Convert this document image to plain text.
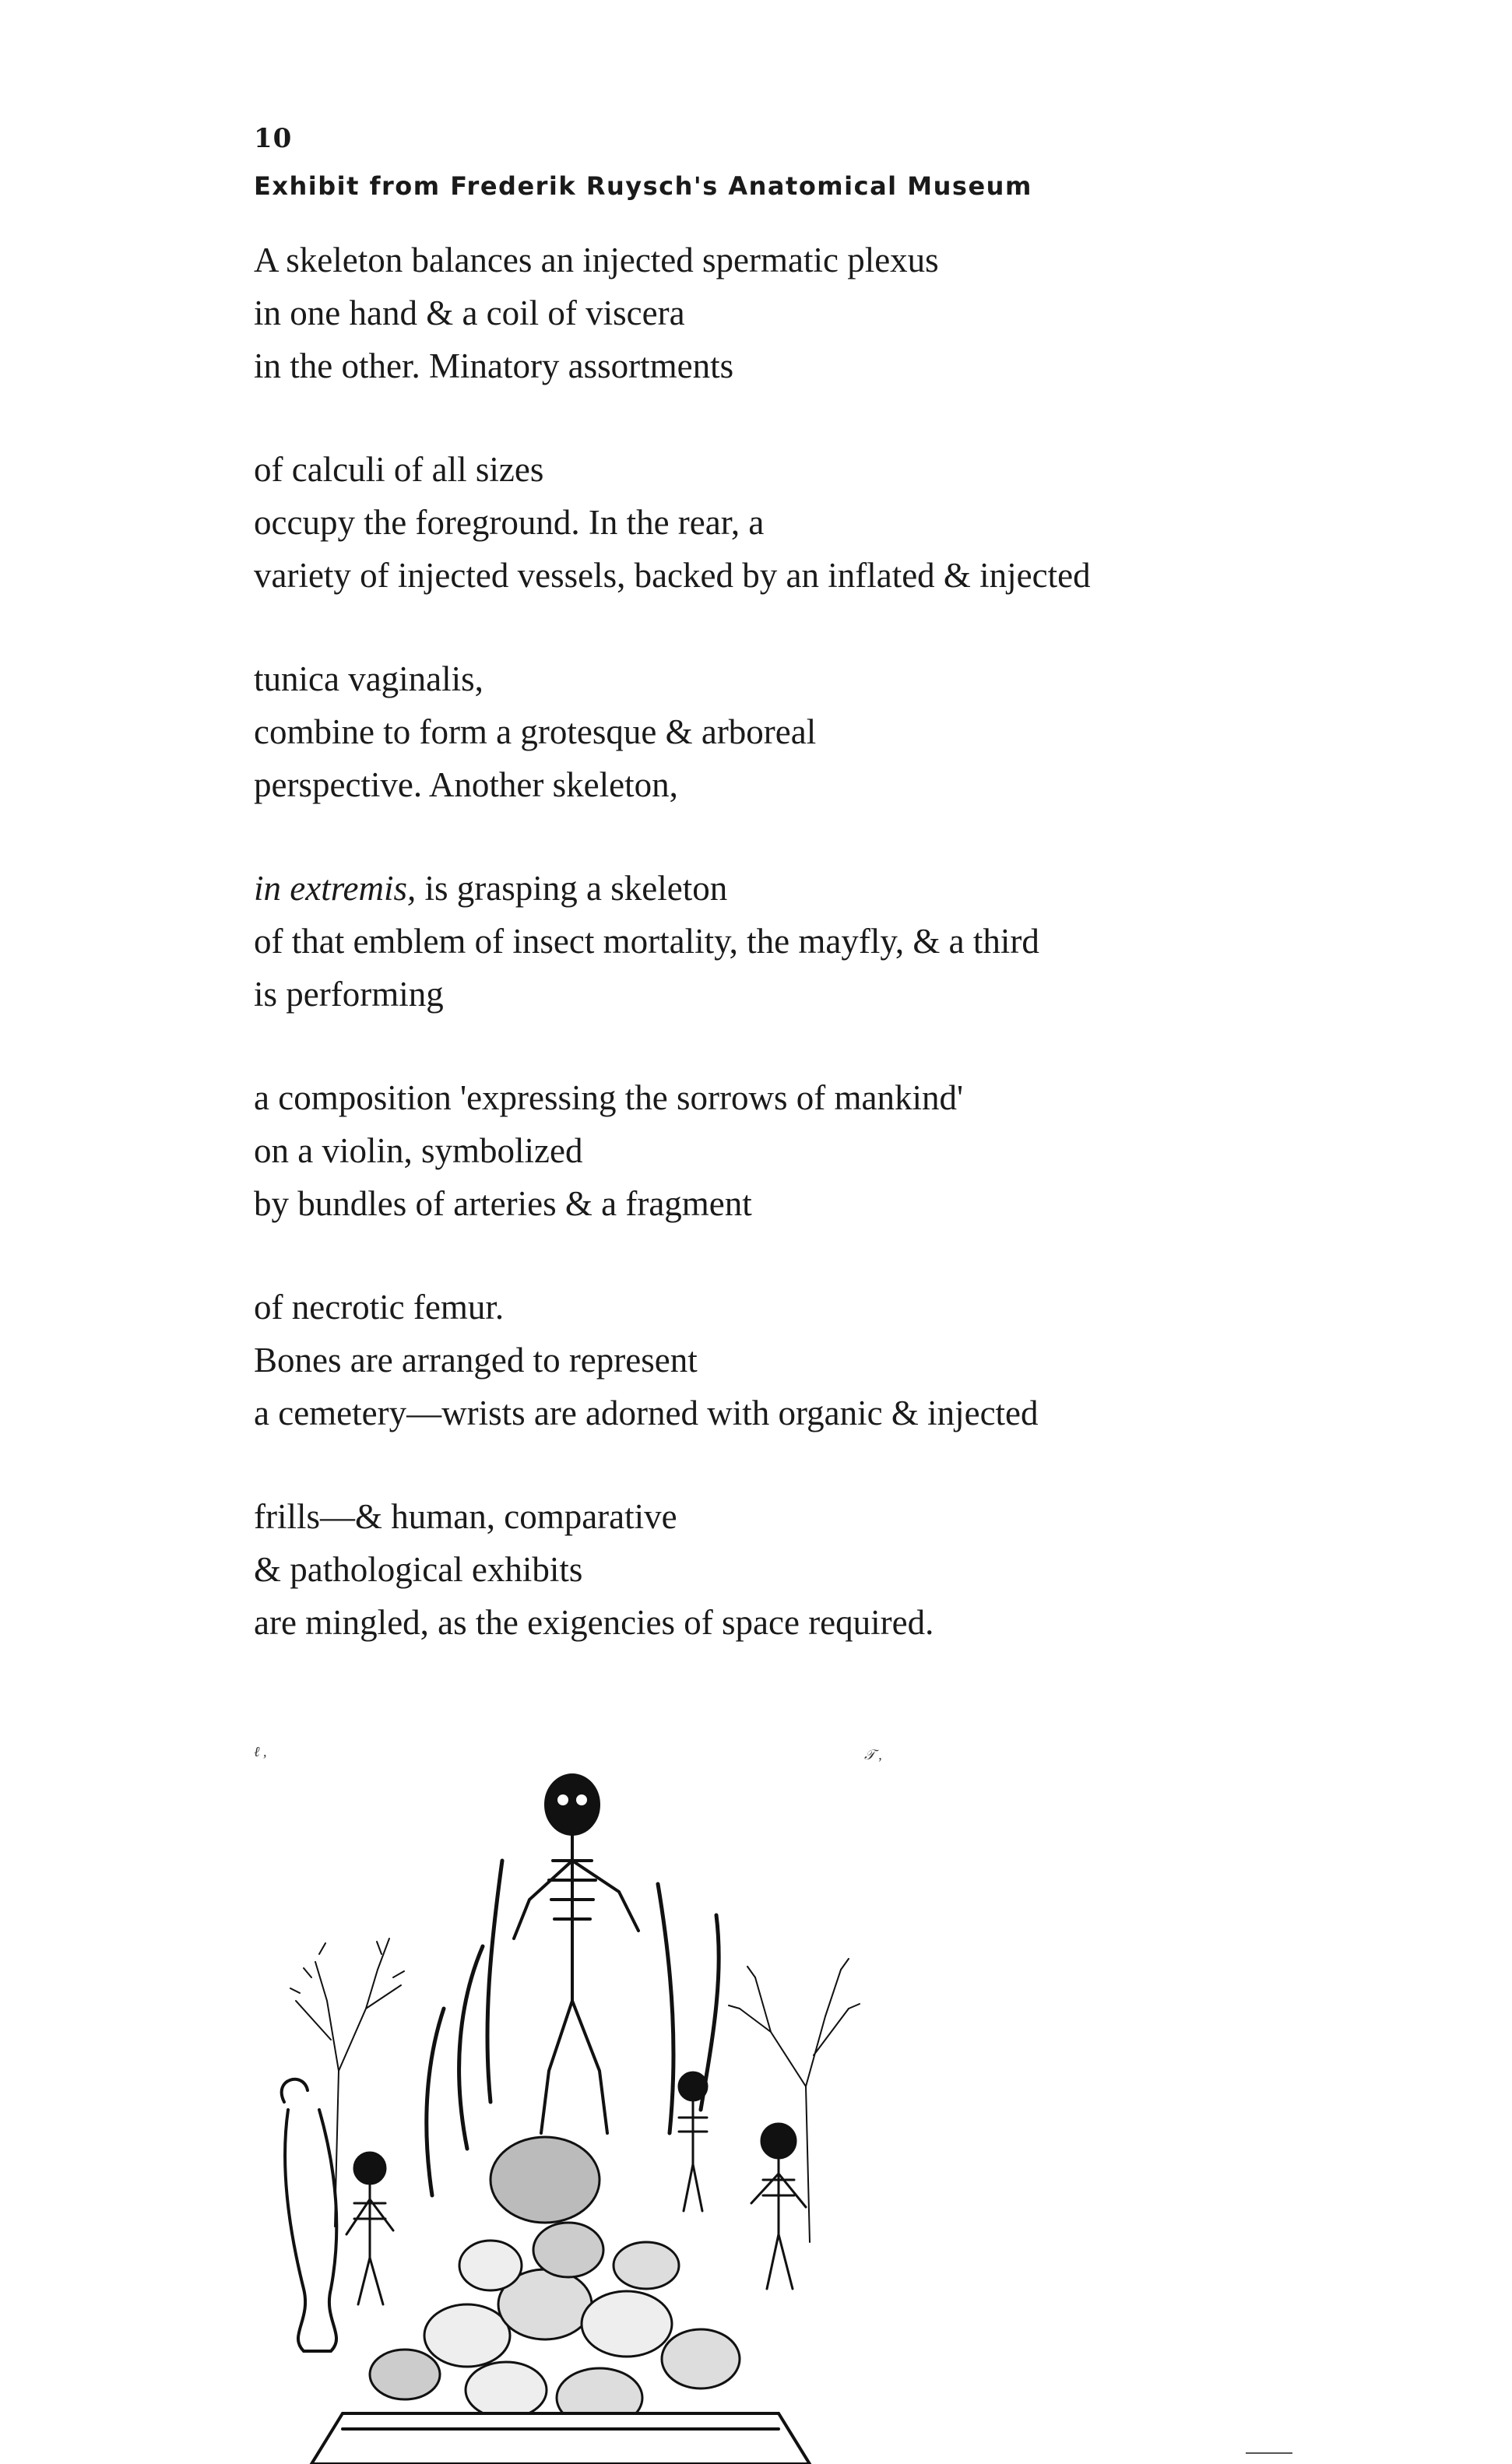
10
Exhibit from Frederik Ruysch's Anatomical Museum
A skeleton balances an injected spermatic plexus
in one hand & a coil of viscera
in the other. Minatory assortments
of calculi of all sizes
occupy the foreground. In the rear, a
variety of injected vessels, backed by an inflated & injected
tunica vaginalis,
combine to form a grotesque & arboreal
perspective. Another skeleton,
in extremis, is grasping a skeleton
of that emblem of insect mortality, the mayfly, & a third
is performing
a composition 'expressing the sorrows of mankind'
on a violin, symbolized
by bundles of arteries & a fragment
of necrotic femur.
Bones are arranged to represent
a cemetery—wrists are adorned with organic & injected
frills—& human, comparative
& pathological exhibits
are mingled, as the exigencies of space required.
ℓ ,	𝒯 ,
